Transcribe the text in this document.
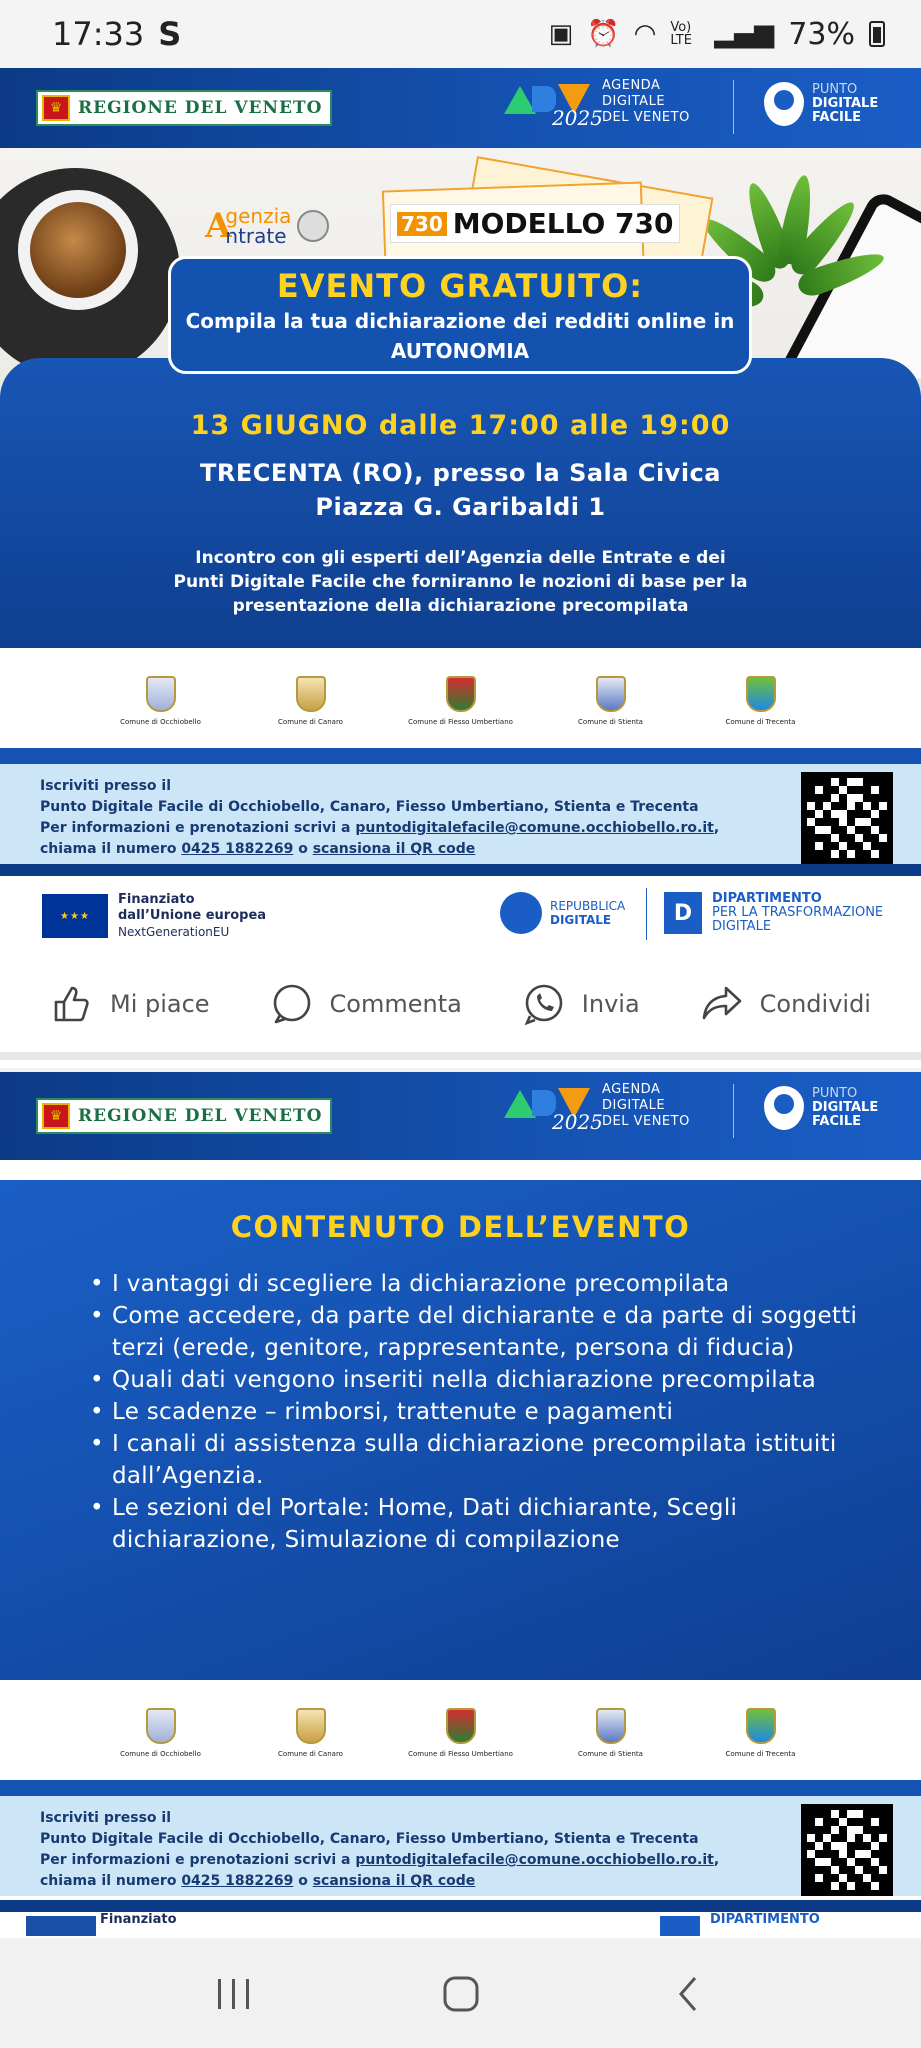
17:33 S	▣ ⏰ ◠ Vo) LTE ▂▄▆ 73%
♛ REGIONE DEL VENETO	2025
AGENDA
DIGITALE
DEL VENETO
PUNTO
DIGITALE
FACILE
A
genzia
ntrate
730 MODELLO 730
EVENTO GRATUITO:
Compila la tua dichiarazione dei redditi online in
AUTONOMIA
13 GIUGNO dalle 17:00 alle 19:00
TRECENTA (RO), presso la Sala Civica
Piazza G. Garibaldi 1
Incontro con gli esperti dell’Agenzia delle Entrate e dei
Punti Digitale Facile che forniranno le nozioni di base per la
presentazione della dichiarazione precompilata
Comune di Occhiobello	Comune di Canaro	Comune di Fiesso Umbertiano	Comune di Stienta	Comune di Trecenta
Iscriviti presso il
Punto Digitale Facile di Occhiobello, Canaro, Fiesso Umbertiano, Stienta e Trecenta
Per informazioni e prenotazioni scrivi a puntodigitalefacile@comune.occhiobello.ro.it,
chiama il numero 0425 1882269 o scansiona il QR code
★★★
Finanziato
dall’Unione europea
NextGenerationEU
REPUBBLICA
DIGITALE	D
DIPARTIMENTO
PER LA TRASFORMAZIONE
DIGITALE
Mi piace	Commenta	Invia	Condividi
♛ REGIONE DEL VENETO	2025
AGENDA
DIGITALE
DEL VENETO
PUNTO
DIGITALE
FACILE
CONTENUTO DELL’EVENTO
• I vantaggi di scegliere la dichiarazione precompilata
• Come accedere, da parte del dichiarante e da parte di soggetti terzi (erede, genitore, rappresentante, persona di fiducia)
• Quali dati vengono inseriti nella dichiarazione precompilata
• Le scadenze – rimborsi, trattenute e pagamenti
• I canali di assistenza sulla dichiarazione precompilata istituiti dall’Agenzia.
• Le sezioni del Portale: Home, Dati dichiarante, Scegli dichiarazione, Simulazione di compilazione
Comune di Occhiobello	Comune di Canaro	Comune di Fiesso Umbertiano	Comune di Stienta	Comune di Trecenta
Iscriviti presso il
Punto Digitale Facile di Occhiobello, Canaro, Fiesso Umbertiano, Stienta e Trecenta
Per informazioni e prenotazioni scrivi a puntodigitalefacile@comune.occhiobello.ro.it,
chiama il numero 0425 1882269 o scansiona il QR code
Finanziato	DIPARTIMENTO
